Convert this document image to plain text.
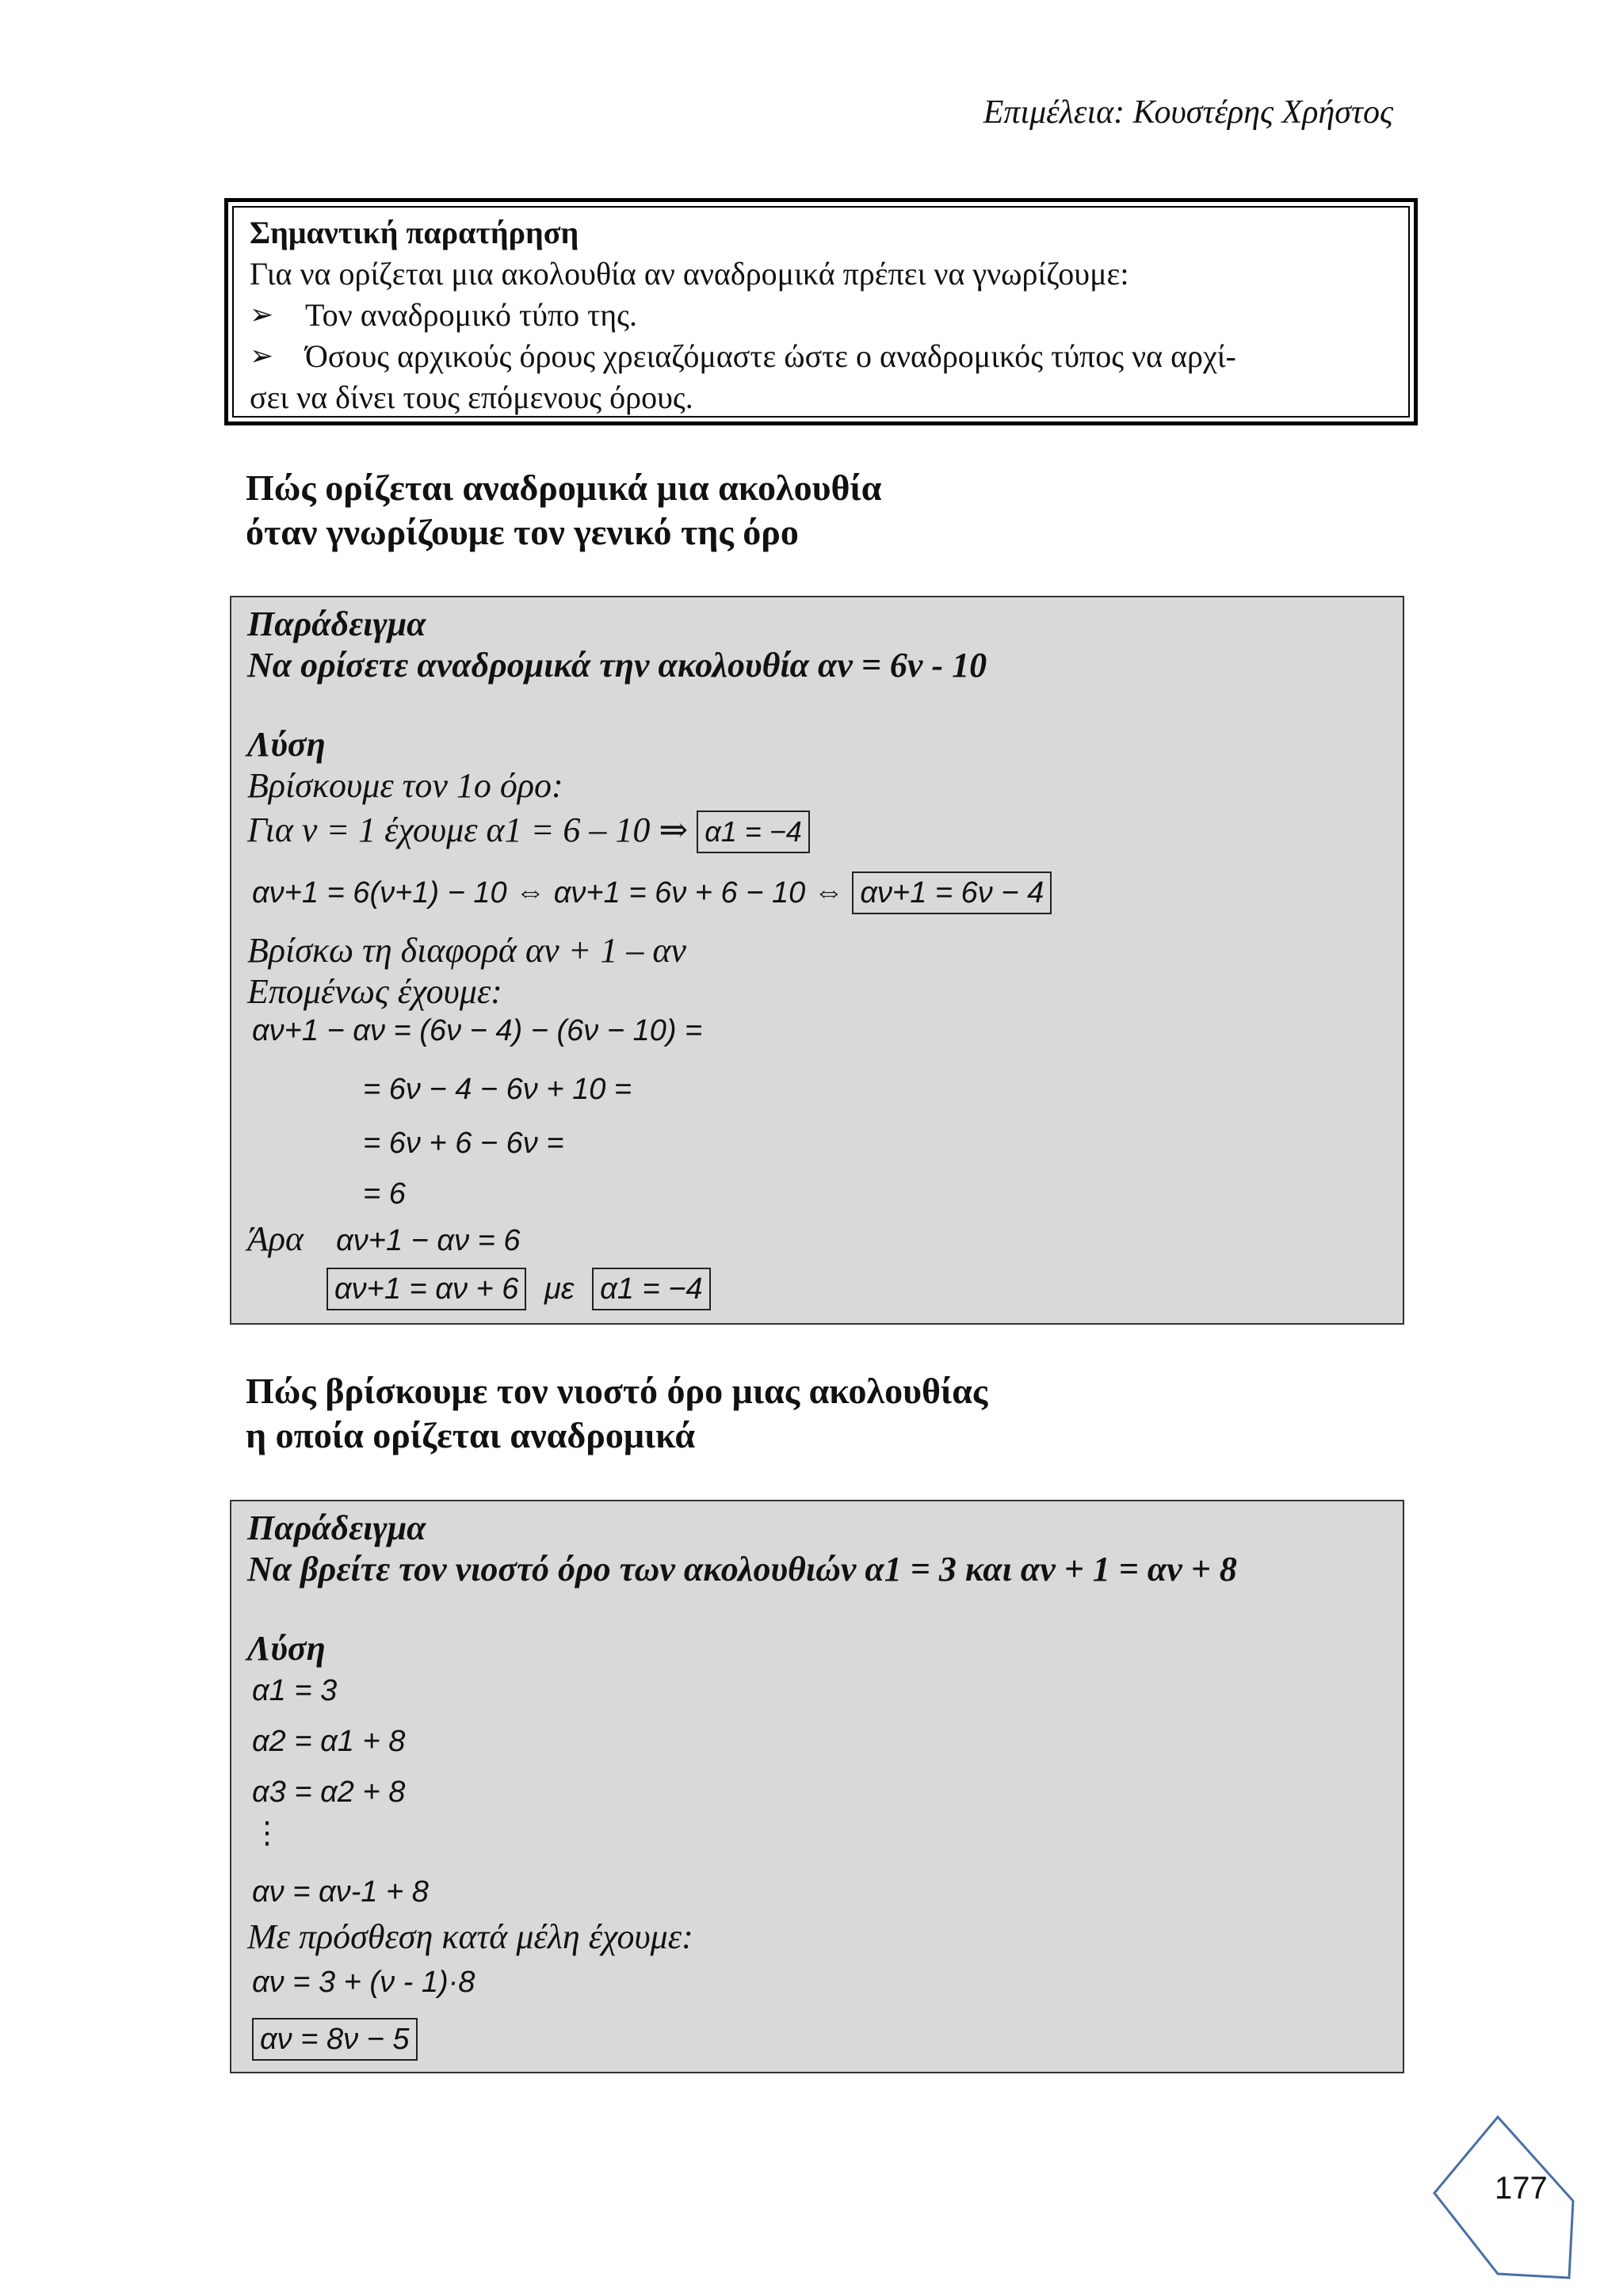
Επιμέλεια: Κουστέρης Χρήστος
Σημαντική παρατήρηση
Για να ορίζεται μια ακολουθία αν αναδρομικά πρέπει να γνωρίζουμε:
➢ Τον αναδρομικό τύπο της.
➢ Όσους αρχικούς όρους χρειαζόμαστε ώστε ο αναδρομικός τύπος να αρχί-
σει να δίνει τους επόμενους όρους.
Πώς ορίζεται αναδρομικά μια ακολουθία
όταν γνωρίζουμε τον γενικό της όρο
Παράδειγμα
Να ορίσετε αναδρομικά την ακολουθία αν = 6ν - 10
Λύση
Βρίσκουμε τον 1ο όρο:
Για ν = 1 έχουμε α1 = 6 – 10 ⇒ α1 = −4
αν+1 = 6(ν+1) − 10 ⇔ αν+1 = 6ν + 6 − 10 ⇔ αν+1 = 6ν − 4
Βρίσκω τη διαφορά αν + 1 – αν
Επομένως έχουμε:
αν+1 − αν = (6ν − 4) − (6ν − 10) =
= 6ν − 4 − 6ν + 10 =
= 6ν + 6 − 6ν =
= 6
Άρα αν+1 − αν = 6
αν+1 = αν + 6 με α1 = −4
Πώς βρίσκουμε τον νιοστό όρο μιας ακολουθίας
η οποία ορίζεται αναδρομικά
Παράδειγμα
Να βρείτε τον νιοστό όρο των ακολουθιών α1 = 3 και αν + 1 = αν + 8
Λύση
α1 = 3
α2 = α1 + 8
α3 = α2 + 8
⋮
αν = αν-1 + 8
Με πρόσθεση κατά μέλη έχουμε:
αν = 3 + (ν - 1)·8
αν = 8ν − 5
177
